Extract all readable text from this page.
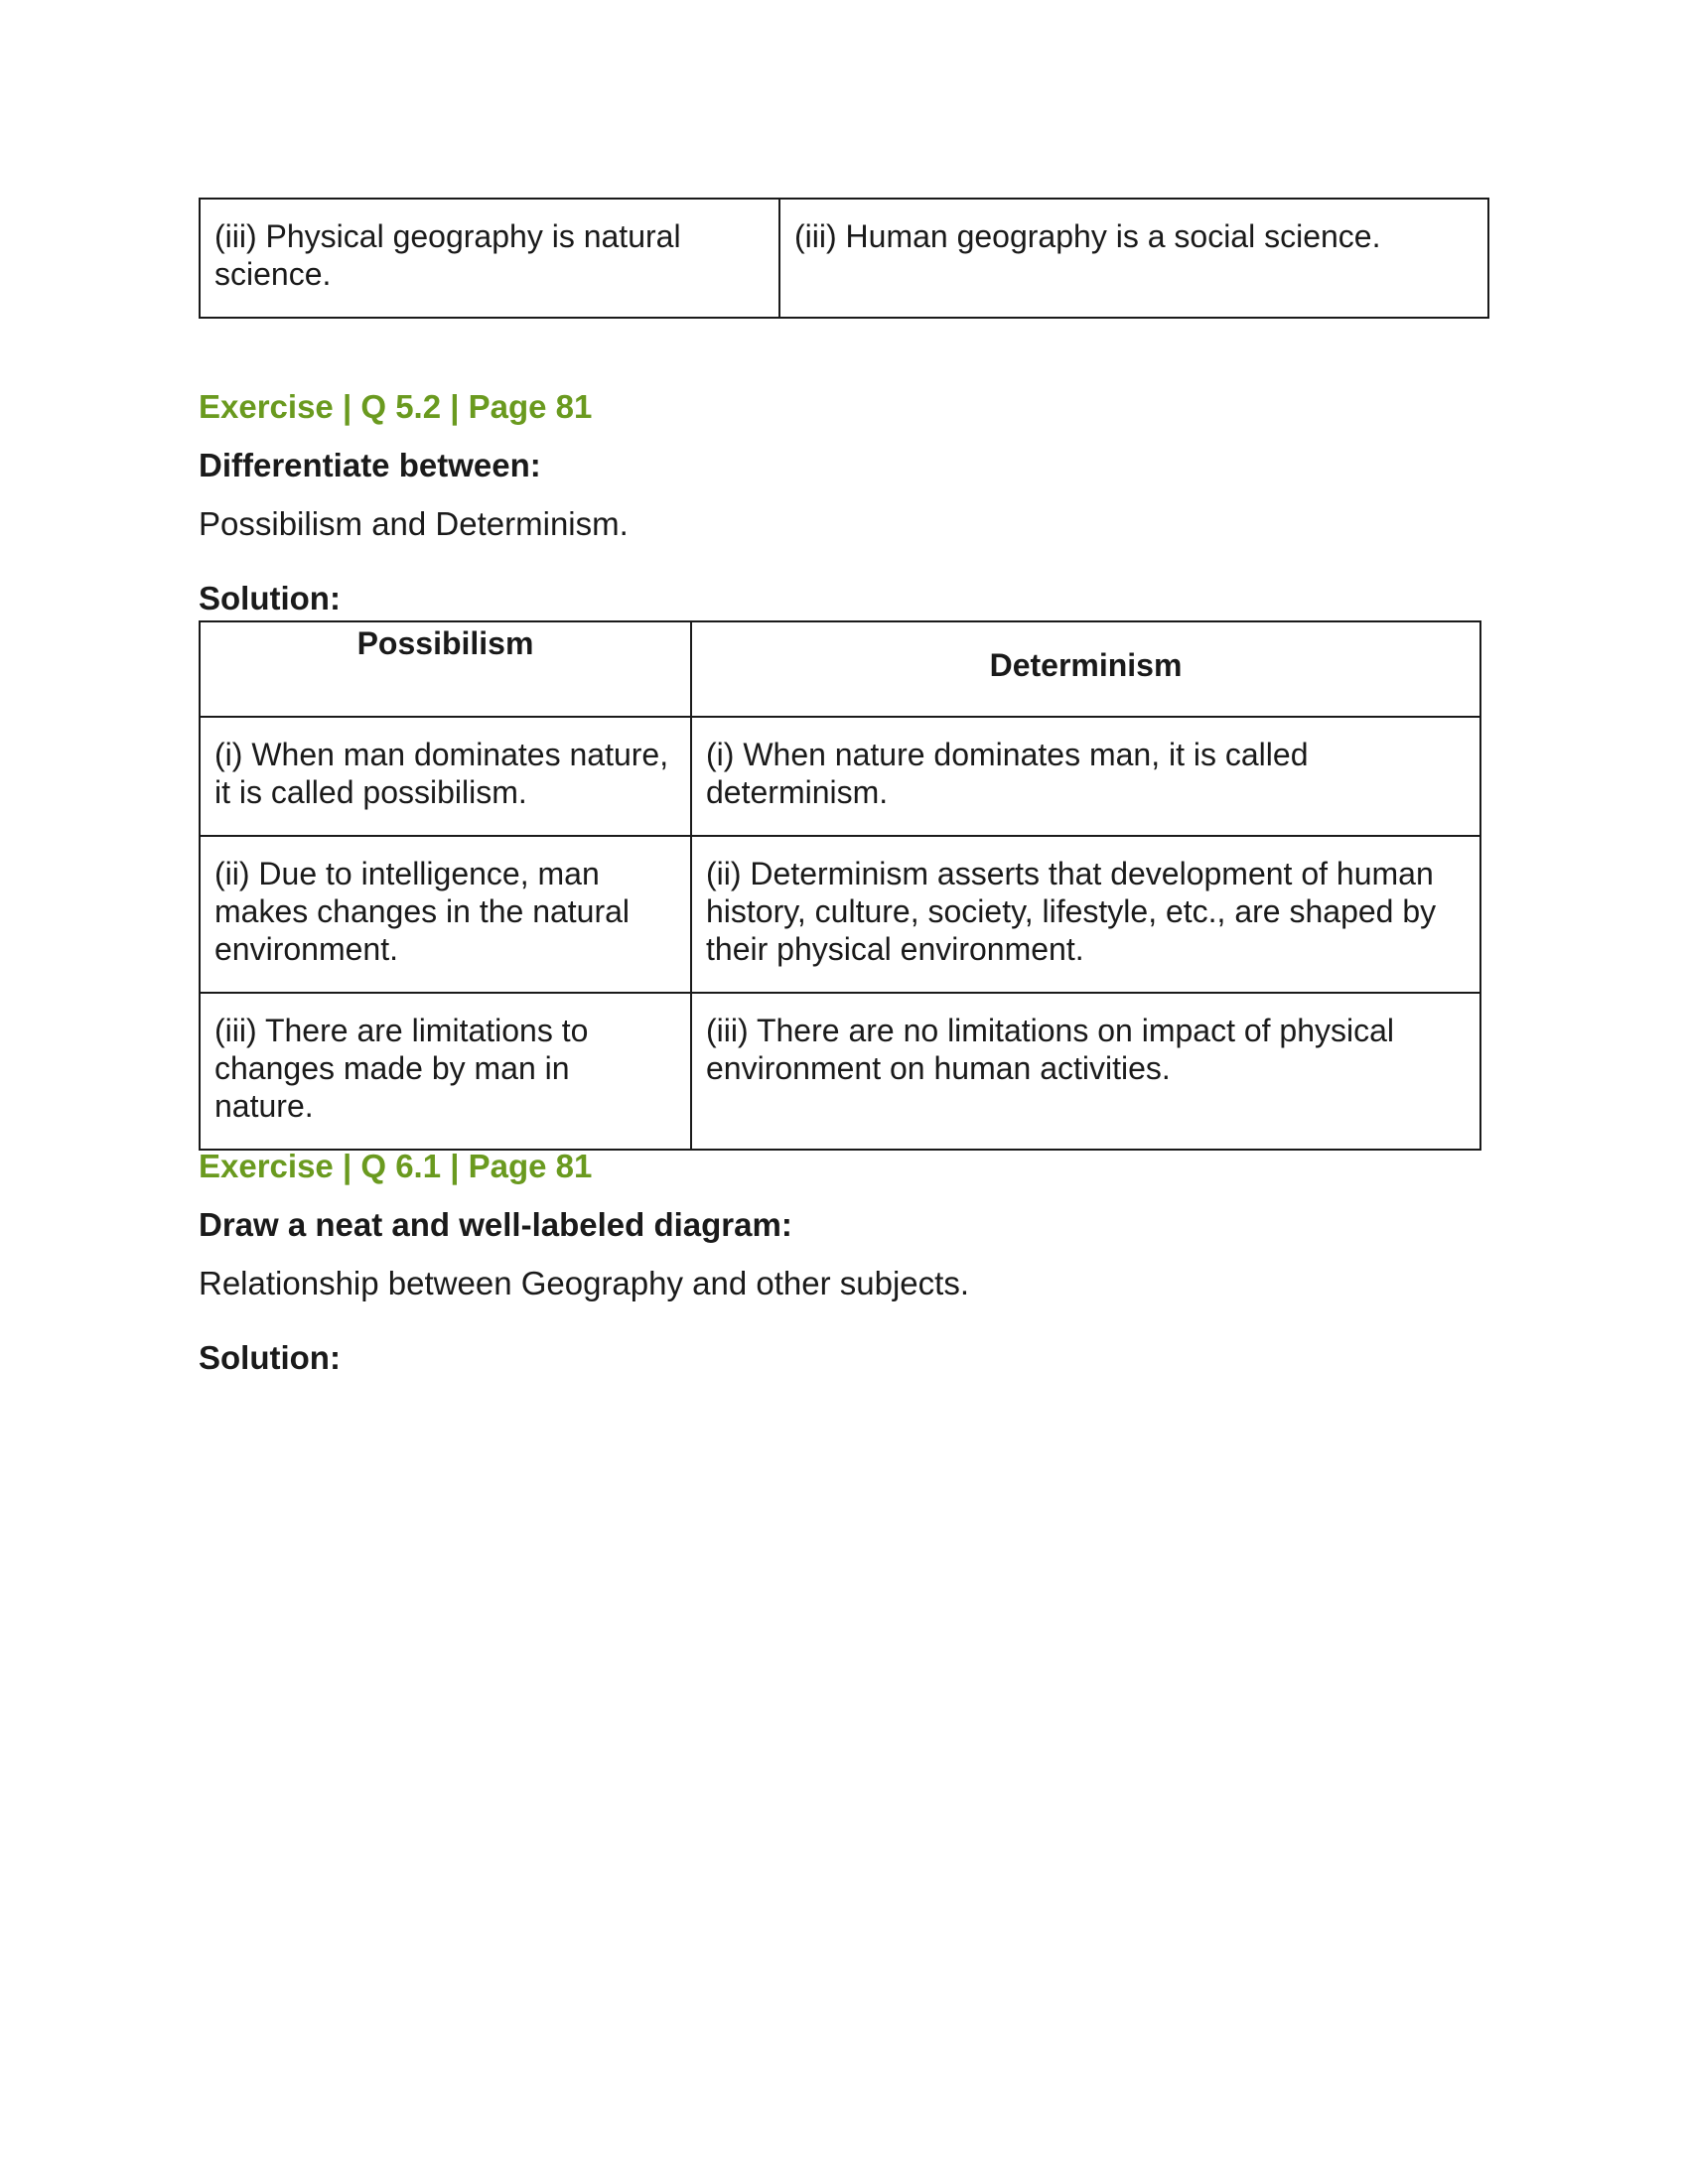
(iii) Physical geography is natural science.	(iii) Human geography is a social science.

Exercise | Q 5.2 | Page 81

Differentiate between:

Possibilism and Determinism.

Solution:

Possibilism	Determinism
(i) When man dominates nature, it is called possibilism.	(i) When nature dominates man, it is called determinism.
(ii) Due to intelligence, man makes changes in the natural environment.	(ii) Determinism asserts that development of human history, culture, society, lifestyle, etc., are shaped by their physical environment.
(iii) There are limitations to changes made by man in nature.	(iii) There are no limitations on impact of physical environment on human activities.

Exercise | Q 6.1 | Page 81

Draw a neat and well-labeled diagram:

Relationship between Geography and other subjects.

Solution:
